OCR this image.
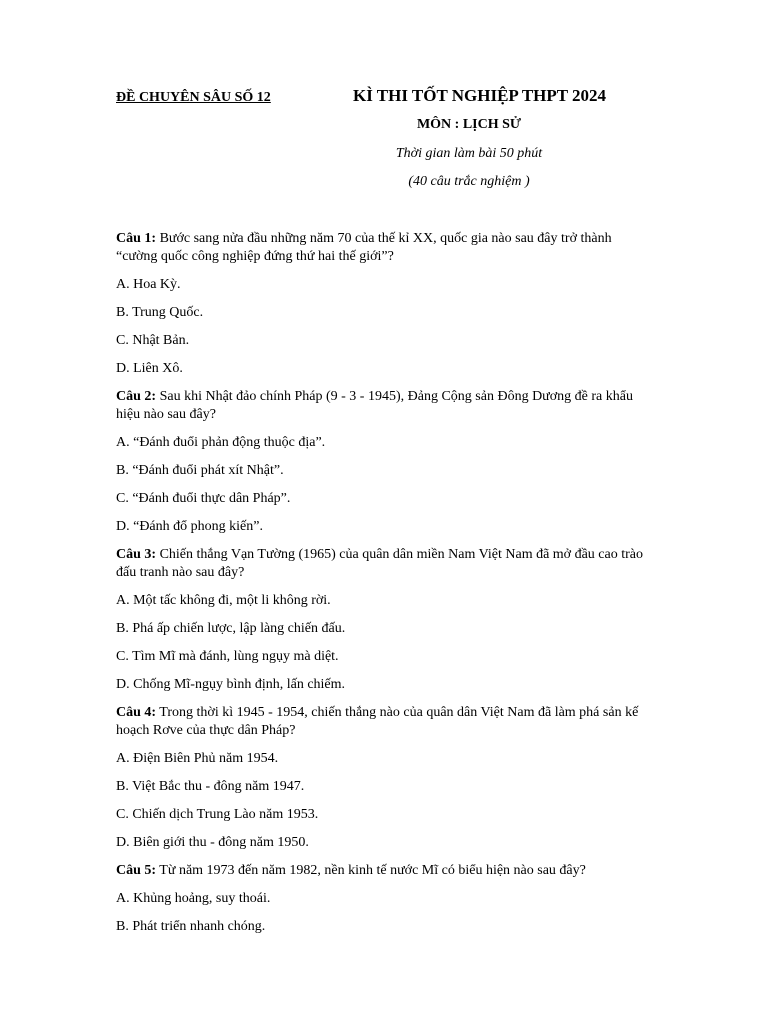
ĐỀ CHUYÊN SÂU SỐ 12	KÌ THI TỐT NGHIỆP THPT 2024
MÔN : LỊCH SỬ
Thời gian làm bài 50 phút
(40 câu trắc nghiệm )

Câu 1: Bước sang nửa đầu những năm 70 của thế kỉ XX, quốc gia nào sau đây trở thành “cường quốc công nghiệp đứng thứ hai thế giới”?

A. Hoa Kỳ.

B. Trung Quốc.

C. Nhật Bản.

D. Liên Xô.

Câu 2: Sau khi Nhật đảo chính Pháp (9 - 3 - 1945), Đảng Cộng sản Đông Dương đề ra khẩu hiệu nào sau đây?

A. “Đánh đuổi phản động thuộc địa”.

B. “Đánh đuổi phát xít Nhật”.

C. “Đánh đuổi thực dân Pháp”.

D. “Đánh đổ phong kiến”.

Câu 3: Chiến thắng Vạn Tường (1965) của quân dân miền Nam Việt Nam đã mở đầu cao trào đấu tranh nào sau đây?

A. Một tấc không đi, một li không rời.

B. Phá ấp chiến lược, lập làng chiến đấu.

C. Tìm Mĩ mà đánh, lùng ngụy mà diệt.

D. Chống Mĩ-ngụy bình định, lấn chiếm.

Câu 4: Trong thời kì 1945 - 1954, chiến thắng nào của quân dân Việt Nam đã làm phá sản kế hoạch Rơve của thực dân Pháp?

A. Điện Biên Phủ năm 1954.

B. Việt Bắc thu - đông năm 1947.

C. Chiến dịch Trung Lào năm 1953.

D. Biên giới thu - đông năm 1950.

Câu 5: Từ năm 1973 đến năm 1982, nền kinh tế nước Mĩ có biểu hiện nào sau đây?

A. Khủng hoảng, suy thoái.

B. Phát triển nhanh chóng.
